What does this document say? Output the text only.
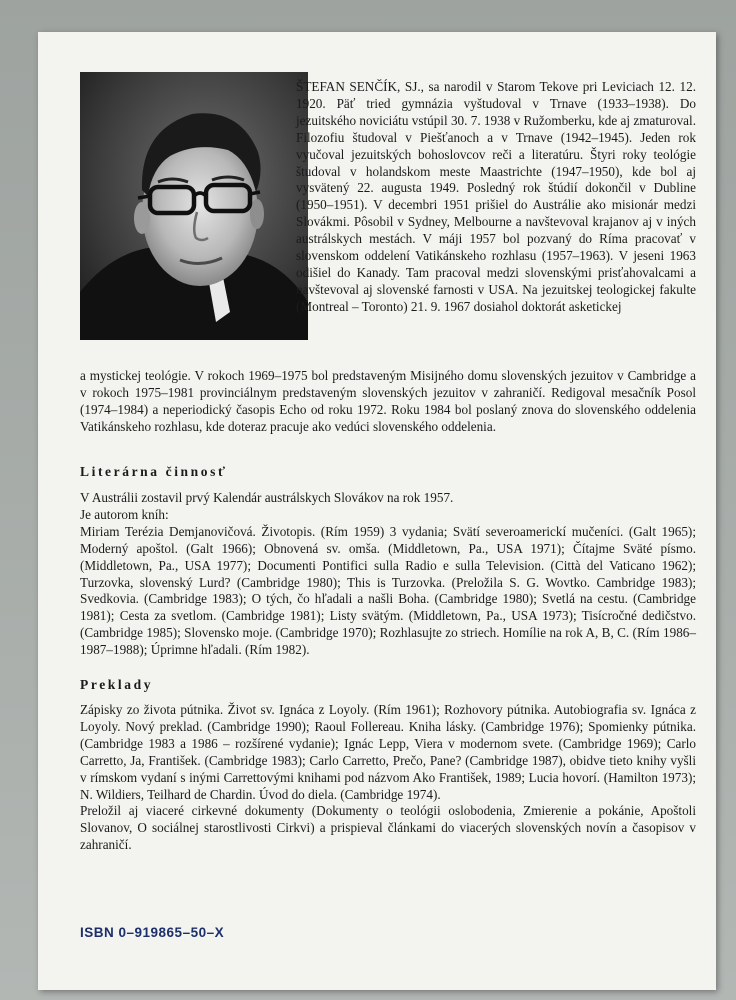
ŠTEFAN SENČÍK, SJ., sa narodil v Starom Tekove pri Leviciach 12. 12. 1920. Päť tried gymnázia vyštudoval v Trnave (1933–1938). Do jezuitského noviciátu vstúpil 30. 7. 1938 v Ružomberku, kde aj zmaturoval. Filozofiu študoval v Piešťanoch a v Trnave (1942–1945). Jeden rok vyučoval jezuitských bohoslovcov reči a literatúru. Štyri roky teológie študoval v holandskom meste Maastrichte (1947–1950), kde bol aj vysvätený 22. augusta 1949. Posledný rok štúdií dokončil v Dubline (1950–1951). V decembri 1951 prišiel do Austrálie ako misionár medzi Slovákmi. Pôsobil v Sydney, Melbourne a navštevoval krajanov aj v iných austrálskych mestách. V máji 1957 bol pozvaný do Ríma pracovať v slovenskom oddelení Vatikánskeho rozhlasu (1957–1963). V jeseni 1963 odišiel do Kanady. Tam pracoval medzi slovenskými prisťahovalcami a navštevoval aj slovenské farnosti v USA. Na jezuitskej teologickej fakulte (Montreal – Toronto) 21. 9. 1967 dosiahol doktorát asketickej

a mystickej teológie. V rokoch 1969–1975 bol predstaveným Misijného domu slovenských jezuitov v Cambridge a v rokoch 1975–1981 provinciálnym predstaveným slovenských jezuitov v zahraničí. Redigoval mesačník Posol (1974–1984) a neperiodický časopis Echo od roku 1972. Roku 1984 bol poslaný znova do slovenského oddelenia Vatikánskeho rozhlasu, kde doteraz pracuje ako vedúci slovenského oddelenia.

Literárna činnosť

V Austrálii zostavil prvý Kalendár austrálskych Slovákov na rok 1957.

Je autorom kníh:

Miriam Terézia Demjanovičová. Životopis. (Rím 1959) 3 vydania; Svätí severoamerickí mučeníci. (Galt 1965); Moderný apoštol. (Galt 1966); Obnovená sv. omša. (Middletown, Pa., USA 1971); Čítajme Sväté písmo. (Middletown, Pa., USA 1977); Documenti Pontifici sulla Radio e sulla Television. (Città del Vaticano 1962); Turzovka, slovenský Lurd? (Cambridge 1980); This is Turzovka. (Preložila S. G. Wovtko. Cambridge 1983); Svedkovia. (Cambridge 1983); O tých, čo hľadali a našli Boha. (Cambridge 1980); Svetlá na cestu. (Cambridge 1981); Cesta za svetlom. (Cambridge 1981); Listy svätým. (Middletown, Pa., USA 1973); Tisícročné dedičstvo. (Cambridge 1985); Slovensko moje. (Cambridge 1970); Rozhlasujte zo striech. Homílie na rok A, B, C. (Rím 1986–1987–1988); Úprimne hľadali. (Rím 1982).

Preklady

Zápisky zo života pútnika. Život sv. Ignáca z Loyoly. (Rím 1961); Rozhovory pútnika. Autobiografia sv. Ignáca z Loyoly. Nový preklad. (Cambridge 1990); Raoul Follereau. Kniha lásky. (Cambridge 1976); Spomienky pútnika. (Cambridge 1983 a 1986 – rozšírené vydanie); Ignác Lepp, Viera v modernom svete. (Cambridge 1969); Carlo Carretto, Ja, František. (Cambridge 1983); Carlo Carretto, Prečo, Pane? (Cambridge 1987), obidve tieto knihy vyšli v rímskom vydaní s inými Carrettovými knihami pod názvom Ako František, 1989; Lucia hovorí. (Hamilton 1973); N. Wildiers, Teilhard de Chardin. Úvod do diela. (Cambridge 1974).

Preložil aj viaceré cirkevné dokumenty (Dokumenty o teológii oslobodenia, Zmierenie a pokánie, Apoštoli Slovanov, O sociálnej starostlivosti Cirkvi) a prispieval článkami do viacerých slovenských novín a časopisov v zahraničí.

ISBN 0–919865–50–X
